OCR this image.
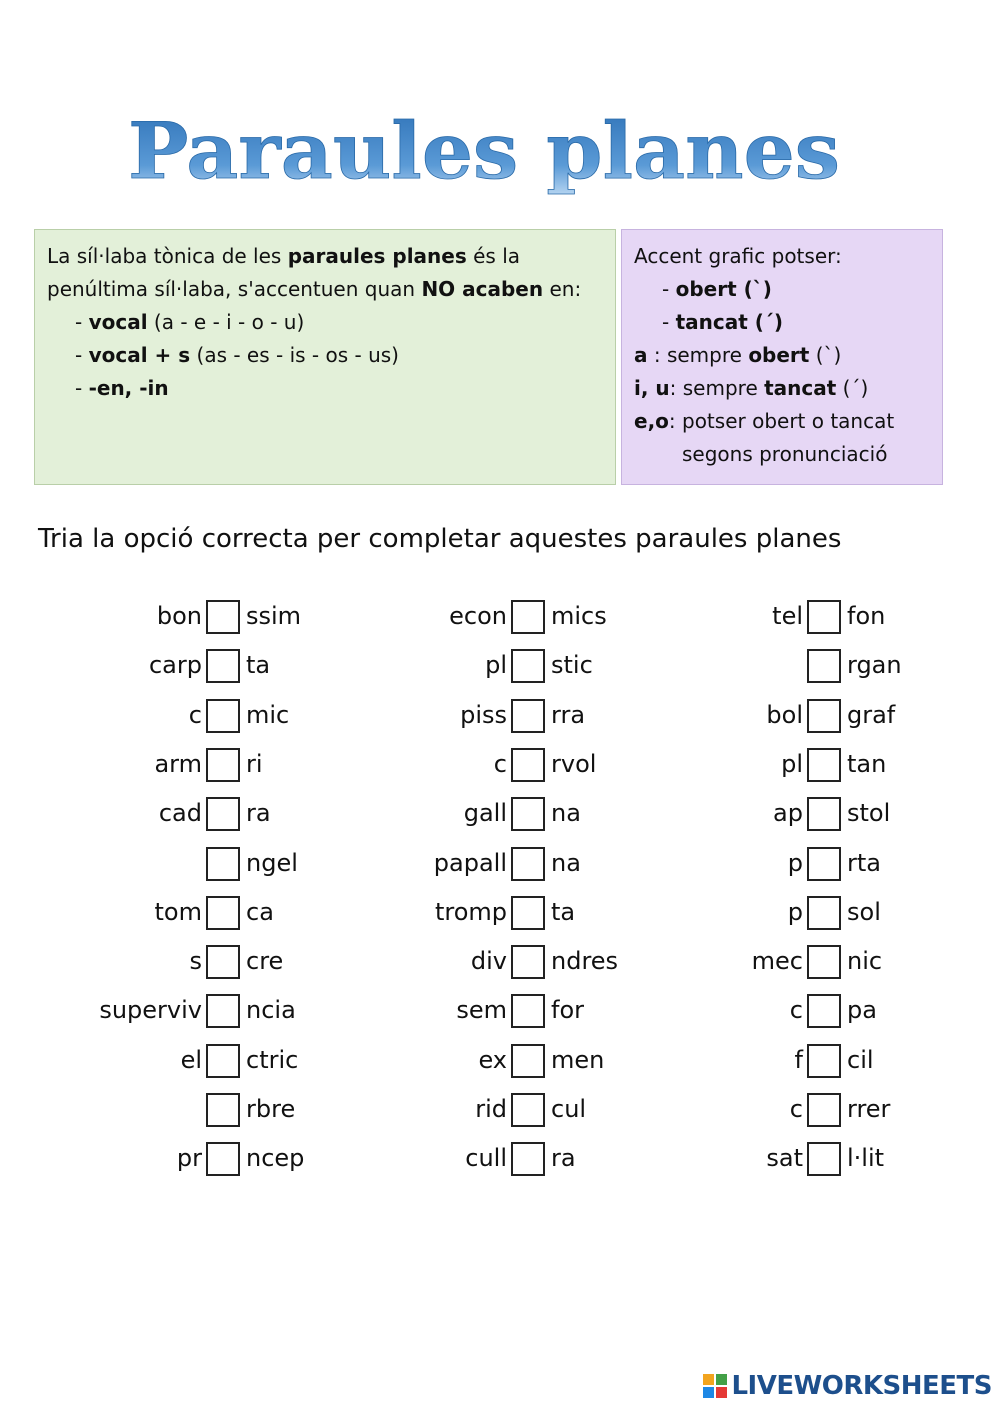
Paraules planes
La síl·laba tònica de les paraules planes és la
penúltima síl·laba, s'accentuen quan NO acaben en:
- vocal (a - e - i - o - u)
- vocal + s (as - es - is - os - us)
- -en, -in
Accent grafic potser:
- obert (`)
- tancat (´)
a : sempre obert (`)
i, u: sempre tancat (´)
e,o: potser obert o tancat
segons pronunciació
Tria la opció correcta per completar aquestes paraules planes
bon ssim
carp ta
c mic
arm ri
cad ra
ngel
tom ca
s cre
superviv ncia
el ctric
rbre
pr ncep
econ mics
pl stic
piss rra
c rvol
gall na
papall na
tromp ta
div ndres
sem for
ex men
rid cul
cull ra
tel fon
rgan
bol graf
pl tan
ap stol
p rta
p sol
mec nic
c pa
f cil
c rrer
sat l·lit
LIVEWORKSHEETS
